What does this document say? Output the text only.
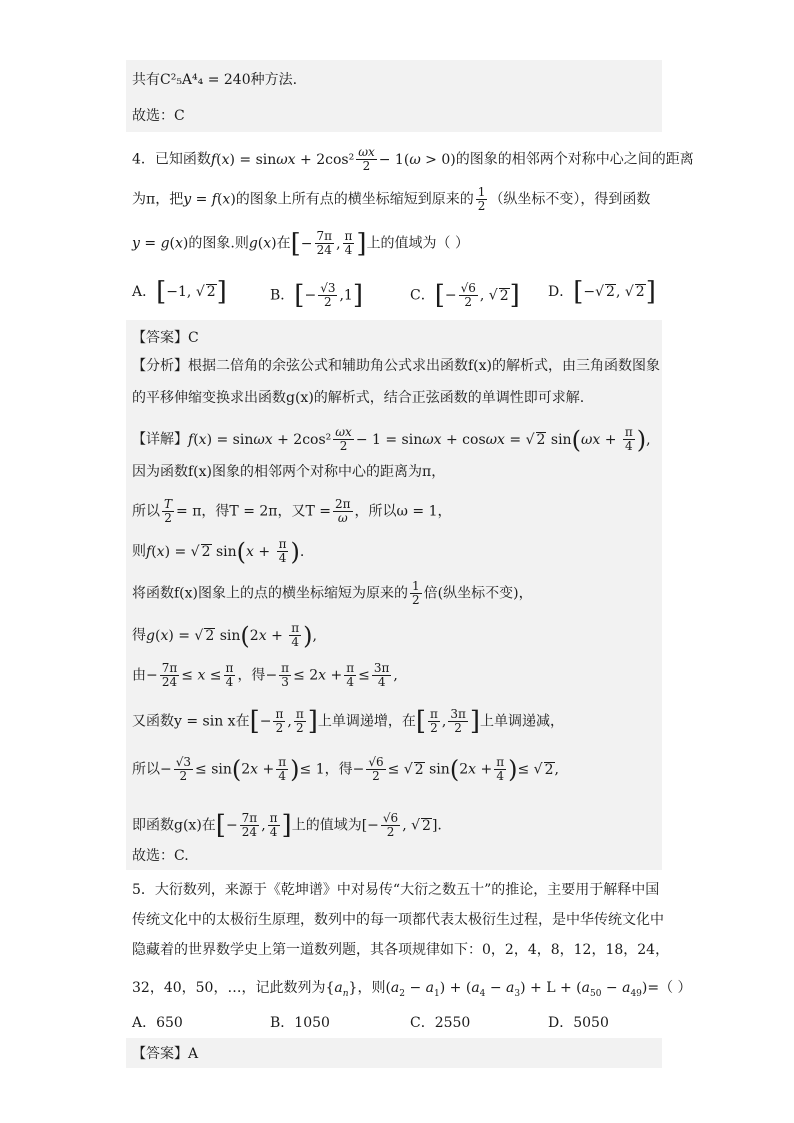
共有C²₅A⁴₄ = 240种方法.
故选：C
4．已知函数$f(x) = \sin\omega x + 2\cos^2 \frac{\omega x}{2} - 1(\omega > 0)$的图象的相邻两个对称中心之间的距离
为π，把y = f(x)的图象上所有点的横坐标缩短到原来的 $\frac{1}{2}$ （纵坐标不变），得到函数
y = g(x)的图象.则g(x)在[− $\frac{7\pi}{24}$ , $\frac{\pi}{4}$ ]上的值域为（ ）
A．[−1, √ 2]	B．[− $\frac{√3}{2} ,1$]	C．[− $\frac{√6}{2}$ , √ 2] D．[−√ 2, √ 2]
【答案】C
【分析】根据二倍角的余弦公式和辅助角公式求出函数f(x)的解析式，由三角函数图象
的平移伸缩变换求出函数g(x)的解析式，结合正弦函数的单调性即可求解.
【详解】$f(x) = \sin\omega x + 2\cos^2 \frac{\omega x}{2} - 1 = \sin\omega x + \cos\omega x$ = √ 2 $\sin(\omega x + \frac{\pi}{4}$ ),
因为函数f(x)图象的相邻两个对称中心的距离为π，
所以 $\frac{T}{2} = \pi$，得T = 2π，又$T = \frac{2\pi}{\omega}$ ，所以ω = 1，
则f(x) = √ 2 $\sin(x + \frac{\pi}{4}$ ).
将函数f(x)图象上的点的横坐标缩短为原来的 $\frac{1}{2}$ 倍(纵坐标不变)，
得g(x) = √ 2 $\sin(2x + \frac{\pi}{4}$ ),
由− $\frac{7\pi}{24} \le x \le \frac{\pi}{4}$ ，得− $\frac{\pi}{3} \le 2x + \frac{\pi}{4} \le \frac{3\pi}{4}$ ,
又函数y = sin x在[− $\frac{\pi}{2}$ , $\frac{\pi}{2}$ ]上单调递增，在[ $\frac{\pi}{2}$ , $\frac{3\pi}{2}$ ]上单调递减，
所以− $\frac{√3}{2} \le \sin(2x + \frac{\pi}{4}$ )≤ 1，得− $\frac{√6}{2}$ ≤ √ 2 $\sin(2x + \frac{\pi}{4}$ )≤ √ 2,
即函数g(x)在[− $\frac{7\pi}{24}$ , $\frac{\pi}{4}$ ]上的值域为[− $\frac{√6}{2}$ , √ 2].
故选：C.
5．大衍数列，来源于《乾坤谱》中对易传“大衍之数五十”的推论，主要用于解释中国
传统文化中的太极衍生原理，数列中的每一项都代表太极衍生过程，是中华传统文化中
隐藏着的世界数学史上第一道数列题，其各项规律如下：0，2，4，8，12，18，24，
32，40，50，…，记此数列为$\{a_n\}$，则$(a_2 - a_1) + (a_4 - a_3) + L + (a_{50} - a_{49})=$（ ）
A．650	B．1050	C．2550	D．5050
【答案】A
